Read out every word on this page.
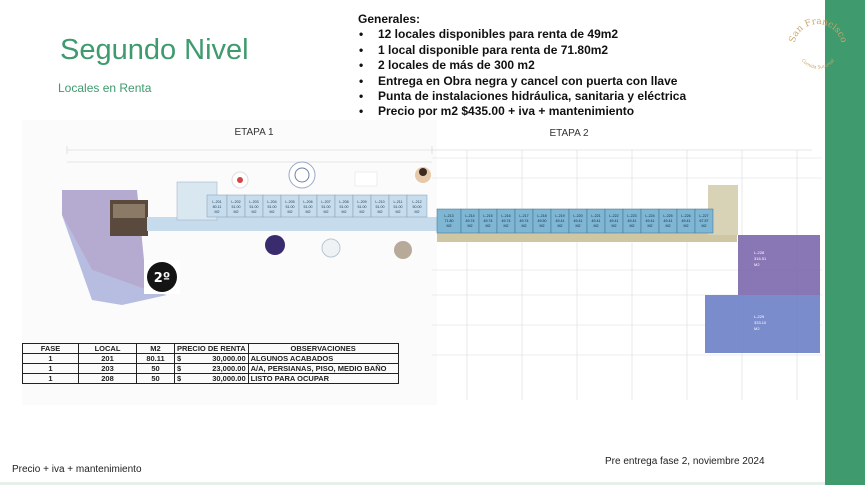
Segundo Nivel
Locales en Renta
Generales:
• 12 locales disponibles para renta de 49m2
• 1 local disponible para renta de 71.80m2
• 2 locales de más de 300 m2
• Entrega en Obra negra y cancel con puerta con llave
• Punta de instalaciones hidráulica, sanitaria y eléctrica
• Precio por m2 $435.00 + iva + mantenimiento
San Francisco
Comida Sucursal
ETAPA 1	ETAPA 2
L-201
80.11
M2
L-202
51.00
M2
L-203
51.00
M2
L-204
51.00
M2
L-205
51.00
M2
L-206
51.00
M2
L-207
51.00
M2
L-208
51.00
M2
L-209
51.00
M2
L-210
51.00
M2
L-211
51.00
M2
L-212
50.00
M2
L-213
71.80
M2
L-214
49.74
M2
L-215
49.74
M2
L-216
49.74
M2
L-217
49.74
M2
L-218
49.50
M2
L-219
49.41
M2
L-220
49.41
M2
L-221
49.41
M2
L-222
49.41
M2
L-223
49.41
M2
L-224
49.41
M2
L-225
49.41
M2
L-226
49.41
M2
L-227
67.57
M2
L-228
316.51
M2
L-229
333.10
M2
2º
FASE	LOCAL	M2	PRECIO DE RENTA	OBSERVACIONES
1	201	80.11	$ 30,000.00	ALGUNOS ACABADOS
1	203	50	$ 23,000.00	A/A, PERSIANAS, PISO, MEDIO BAÑO
1	208	50	$ 30,000.00	LISTO PARA OCUPAR
Pre entrega fase 2, noviembre 2024
Precio + iva + mantenimiento
